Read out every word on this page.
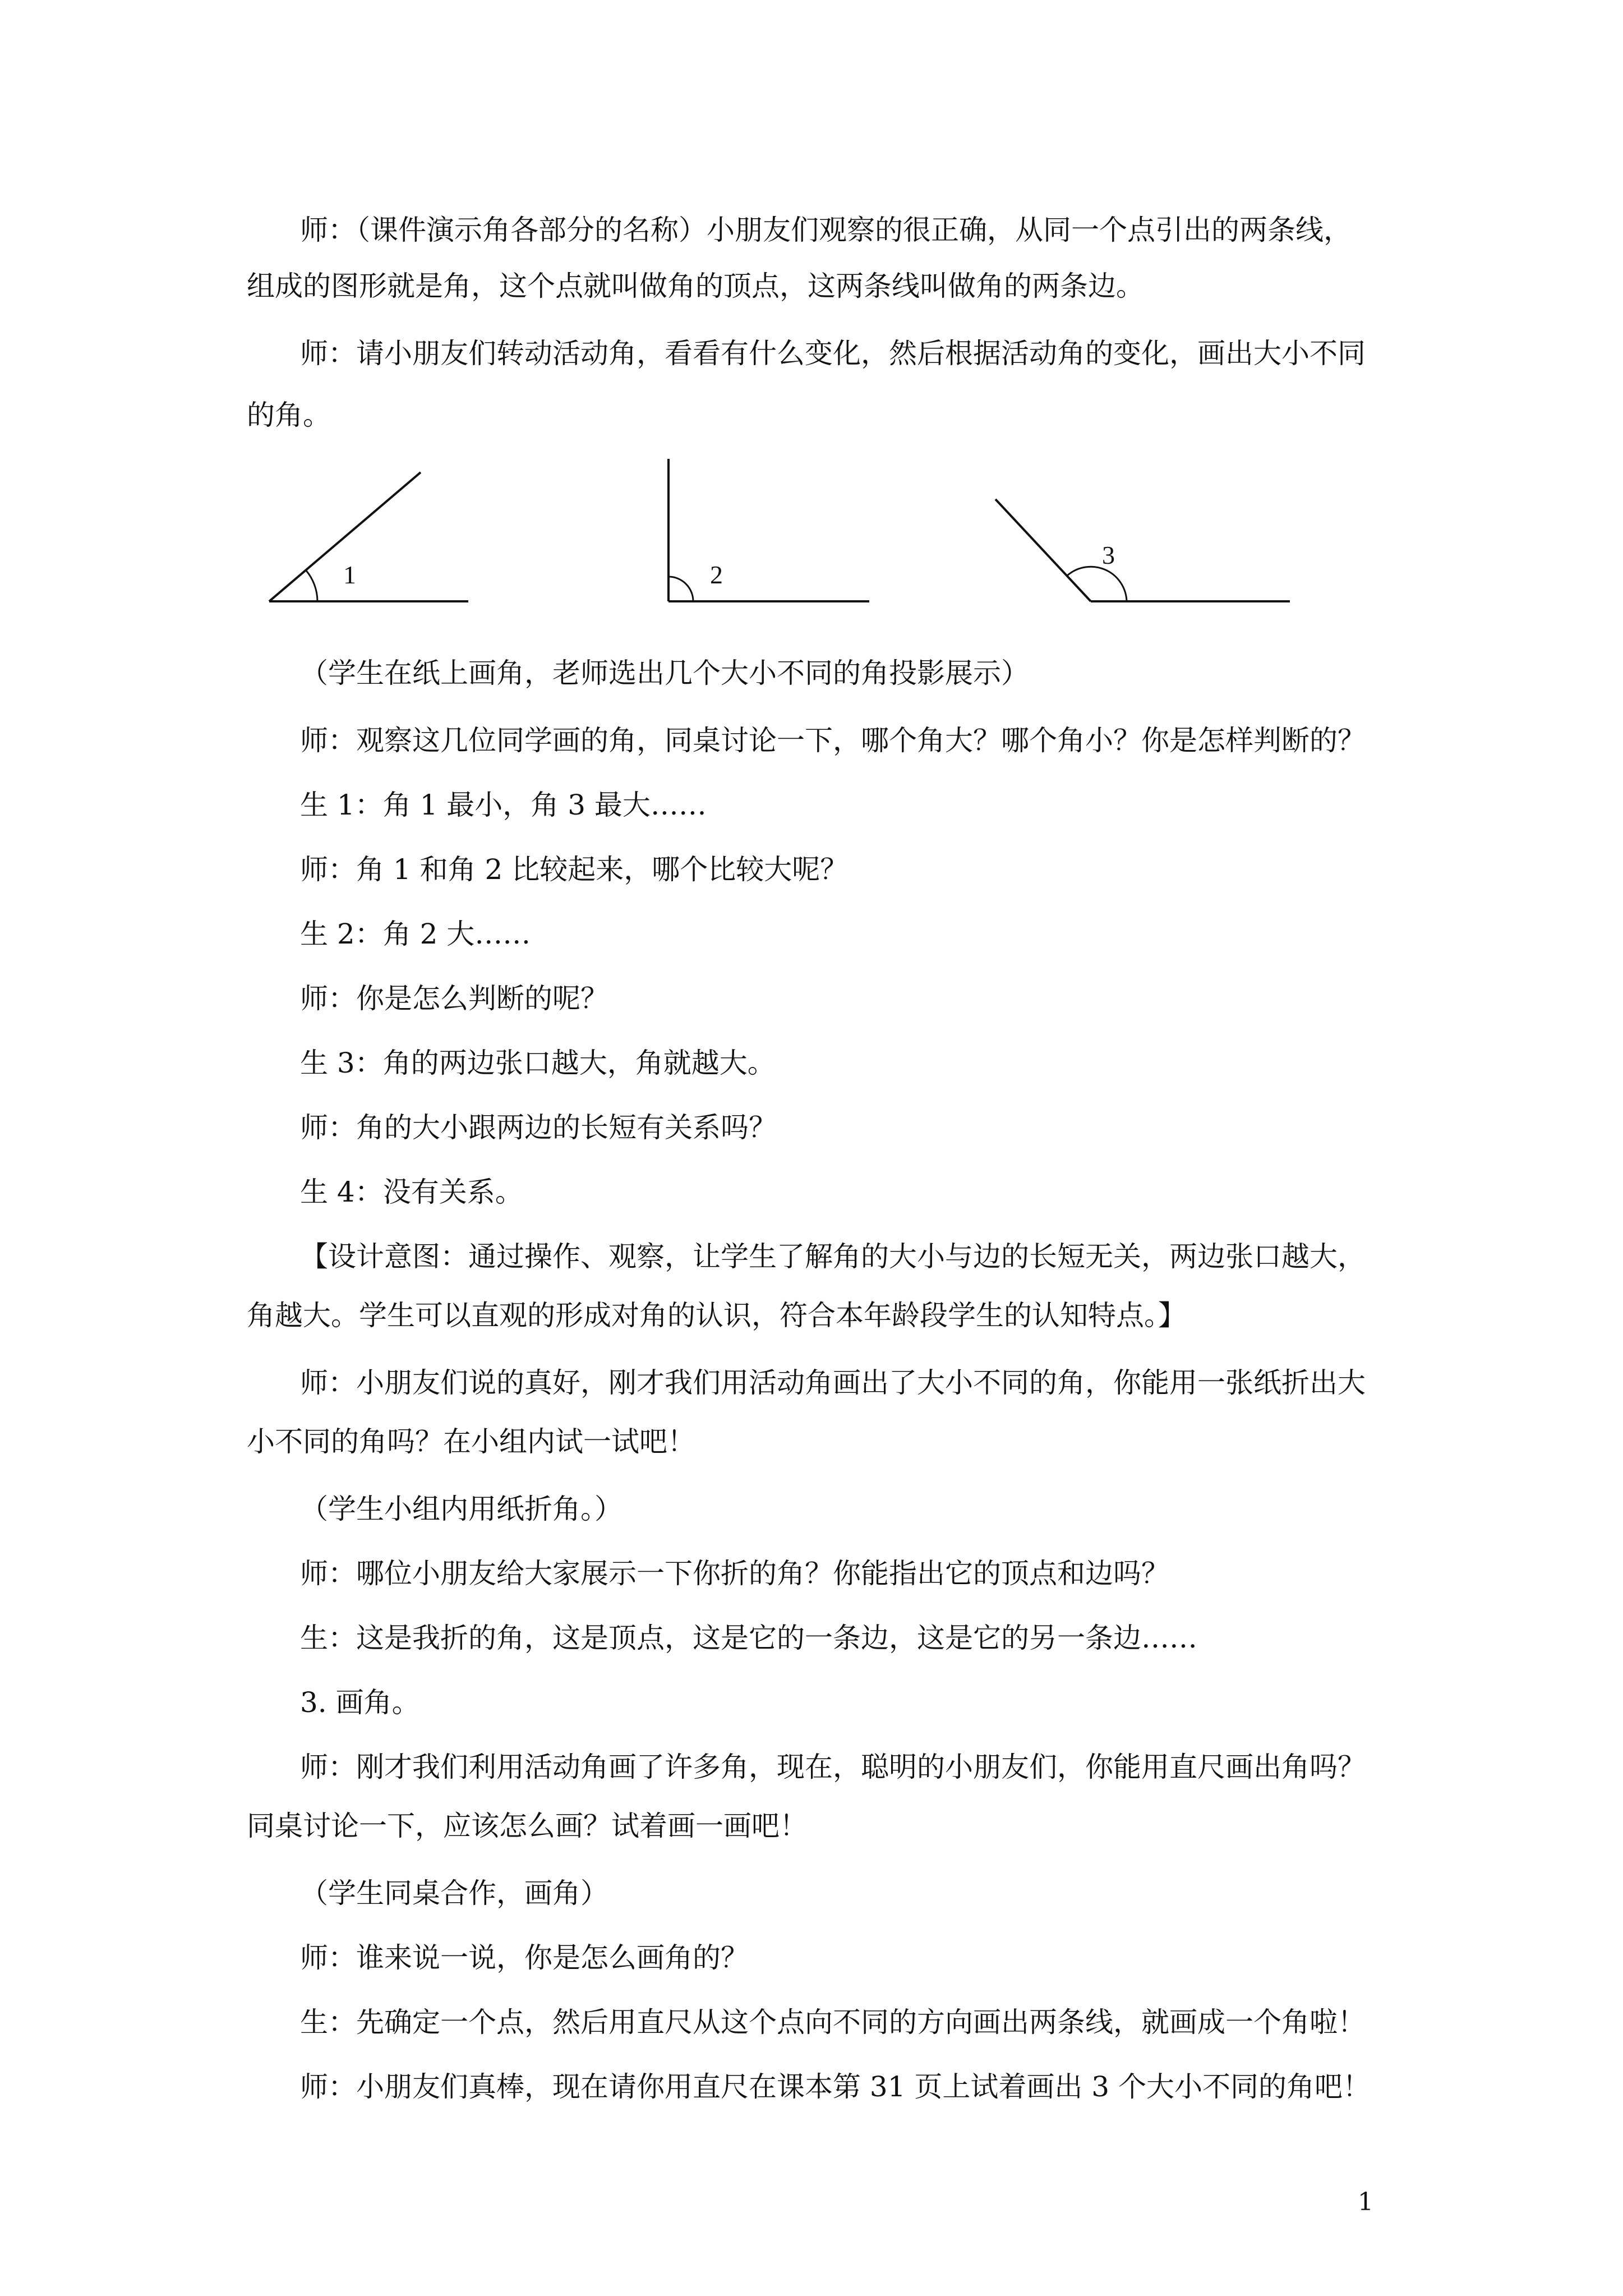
师：（课件演示角各部分的名称）小朋友们观察的很正确，从同一个点引出的两条线，

组成的图形就是角，这个点就叫做角的顶点，这两条线叫做角的两条边。

师：请小朋友们转动活动角，看看有什么变化，然后根据活动角的变化，画出大小不同

的角。

1	2
3

（学生在纸上画角，老师选出几个大小不同的角投影展示）

师：观察这几位同学画的角，同桌讨论一下，哪个角大？哪个角小？你是怎样判断的？

生 1：角 1 最小，角 3 最大……

师：角 1 和角 2 比较起来，哪个比较大呢？

生 2：角 2 大……

师：你是怎么判断的呢？

生 3：角的两边张口越大，角就越大。

师：角的大小跟两边的长短有关系吗？

生 4：没有关系。

【设计意图：通过操作、观察，让学生了解角的大小与边的长短无关，两边张口越大，

角越大。学生可以直观的形成对角的认识，符合本年龄段学生的认知特点。】

师：小朋友们说的真好，刚才我们用活动角画出了大小不同的角，你能用一张纸折出大

小不同的角吗？在小组内试一试吧！

（学生小组内用纸折角。）

师：哪位小朋友给大家展示一下你折的角？你能指出它的顶点和边吗？

生：这是我折的角，这是顶点，这是它的一条边，这是它的另一条边……

3. 画角。

师：刚才我们利用活动角画了许多角，现在，聪明的小朋友们，你能用直尺画出角吗？

同桌讨论一下，应该怎么画？试着画一画吧！

（学生同桌合作，画角）

师：谁来说一说，你是怎么画角的？

生：先确定一个点，然后用直尺从这个点向不同的方向画出两条线，就画成一个角啦！

师：小朋友们真棒，现在请你用直尺在课本第 31 页上试着画出 3 个大小不同的角吧！

1
